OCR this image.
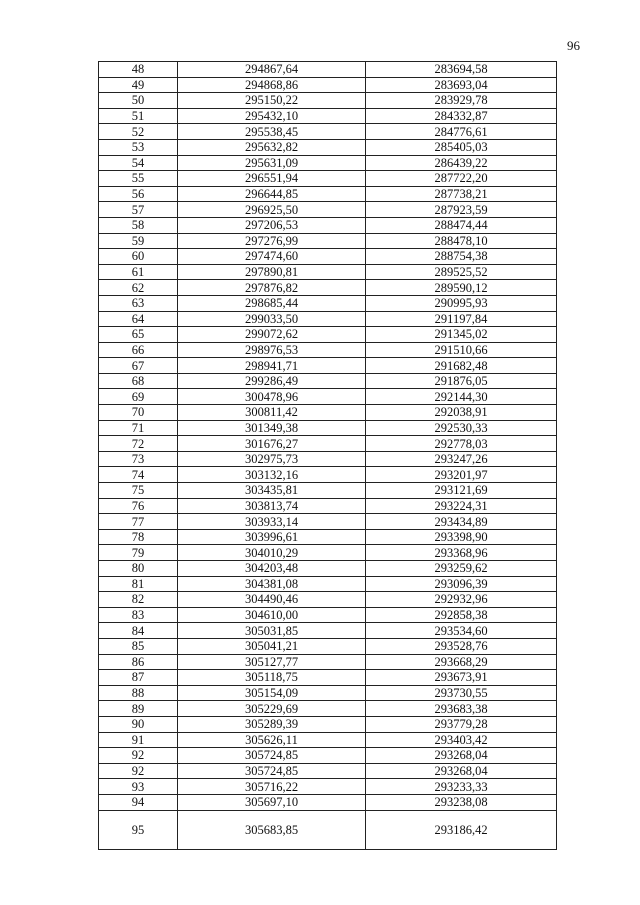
96
48	294867,64	283694,58
49	294868,86	283693,04
50	295150,22	283929,78
51	295432,10	284332,87
52	295538,45	284776,61
53	295632,82	285405,03
54	295631,09	286439,22
55	296551,94	287722,20
56	296644,85	287738,21
57	296925,50	287923,59
58	297206,53	288474,44
59	297276,99	288478,10
60	297474,60	288754,38
61	297890,81	289525,52
62	297876,82	289590,12
63	298685,44	290995,93
64	299033,50	291197,84
65	299072,62	291345,02
66	298976,53	291510,66
67	298941,71	291682,48
68	299286,49	291876,05
69	300478,96	292144,30
70	300811,42	292038,91
71	301349,38	292530,33
72	301676,27	292778,03
73	302975,73	293247,26
74	303132,16	293201,97
75	303435,81	293121,69
76	303813,74	293224,31
77	303933,14	293434,89
78	303996,61	293398,90
79	304010,29	293368,96
80	304203,48	293259,62
81	304381,08	293096,39
82	304490,46	292932,96
83	304610,00	292858,38
84	305031,85	293534,60
85	305041,21	293528,76
86	305127,77	293668,29
87	305118,75	293673,91
88	305154,09	293730,55
89	305229,69	293683,38
90	305289,39	293779,28
91	305626,11	293403,42
92	305724,85	293268,04
92	305724,85	293268,04
93	305716,22	293233,33
94	305697,10	293238,08
95	305683,85	293186,42
